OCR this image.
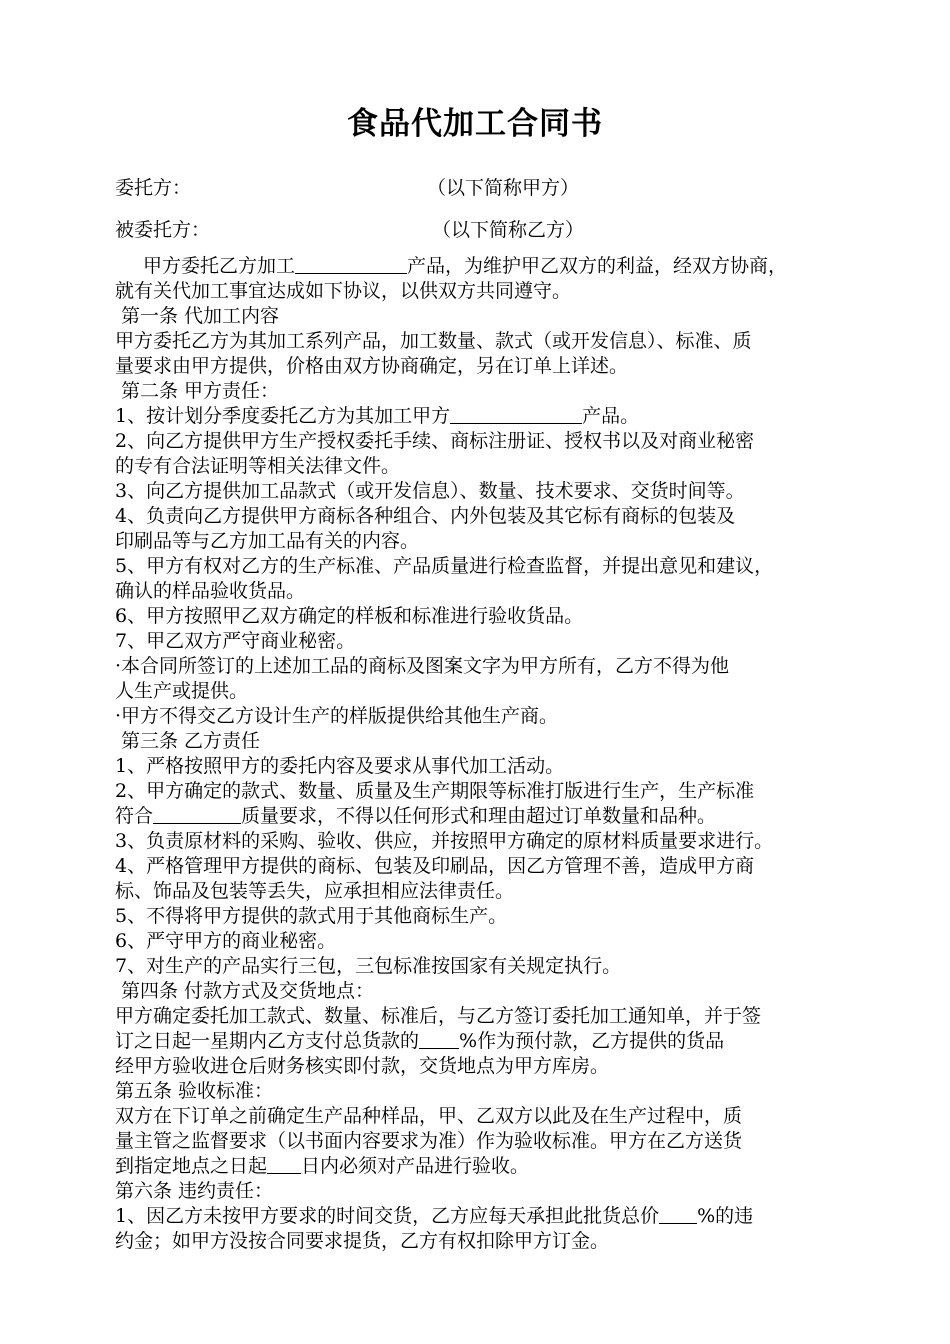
食品代加工合同书
委托方：	（以下简称甲方）
被委托方：	（以下简称乙方）
甲方委托乙方加工	产品，为维护甲乙双方的利益，经双方协商，
就有关代加工事宜达成如下协议，以供双方共同遵守。
第一条 代加工内容
甲方委托乙方为其加工系列产品，加工数量、款式（或开发信息）、标准、质
量要求由甲方提供，价格由双方协商确定，另在订单上详述。
第二条 甲方责任：
1、按计划分季度委托乙方为其加工甲方	产品。
2、向乙方提供甲方生产授权委托手续、商标注册证、授权书以及对商业秘密
的专有合法证明等相关法律文件。
3、向乙方提供加工品款式（或开发信息）、数量、技术要求、交货时间等。
4、负责向乙方提供甲方商标各种组合、内外包装及其它标有商标的包装及
印刷品等与乙方加工品有关的内容。
5、甲方有权对乙方的生产标准、产品质量进行检查监督，并提出意见和建议，
确认的样品验收货品。
6、甲方按照甲乙双方确定的样板和标准进行验收货品。
7、甲乙双方严守商业秘密。
·本合同所签订的上述加工品的商标及图案文字为甲方所有，乙方不得为他
人生产或提供。
·甲方不得交乙方设计生产的样版提供给其他生产商。
第三条 乙方责任
1、严格按照甲方的委托内容及要求从事代加工活动。
2、甲方确定的款式、数量、质量及生产期限等标准打版进行生产，生产标准
符合	质量要求，不得以任何形式和理由超过订单数量和品种。
3、负责原材料的采购、验收、供应，并按照甲方确定的原材料质量要求进行。
4、严格管理甲方提供的商标、包装及印刷品，因乙方管理不善，造成甲方商
标、饰品及包装等丢失，应承担相应法律责任。
5、不得将甲方提供的款式用于其他商标生产。
6、严守甲方的商业秘密。
7、对生产的产品实行三包，三包标准按国家有关规定执行。
第四条 付款方式及交货地点：
甲方确定委托加工款式、数量、标准后，与乙方签订委托加工通知单，并于签
订之日起一星期内乙方支付总货款的 %作为预付款，乙方提供的货品
经甲方验收进仓后财务核实即付款，交货地点为甲方库房。
第五条 验收标准：
双方在下订单之前确定生产品种样品，甲、乙双方以此及在生产过程中，质
量主管之监督要求（以书面内容要求为准）作为验收标准。甲方在乙方送货
到指定地点之日起 日内必须对产品进行验收。
第六条 违约责任：
1、因乙方未按甲方要求的时间交货，乙方应每天承担此批货总价 %的违
约金；如甲方没按合同要求提货，乙方有权扣除甲方订金。
